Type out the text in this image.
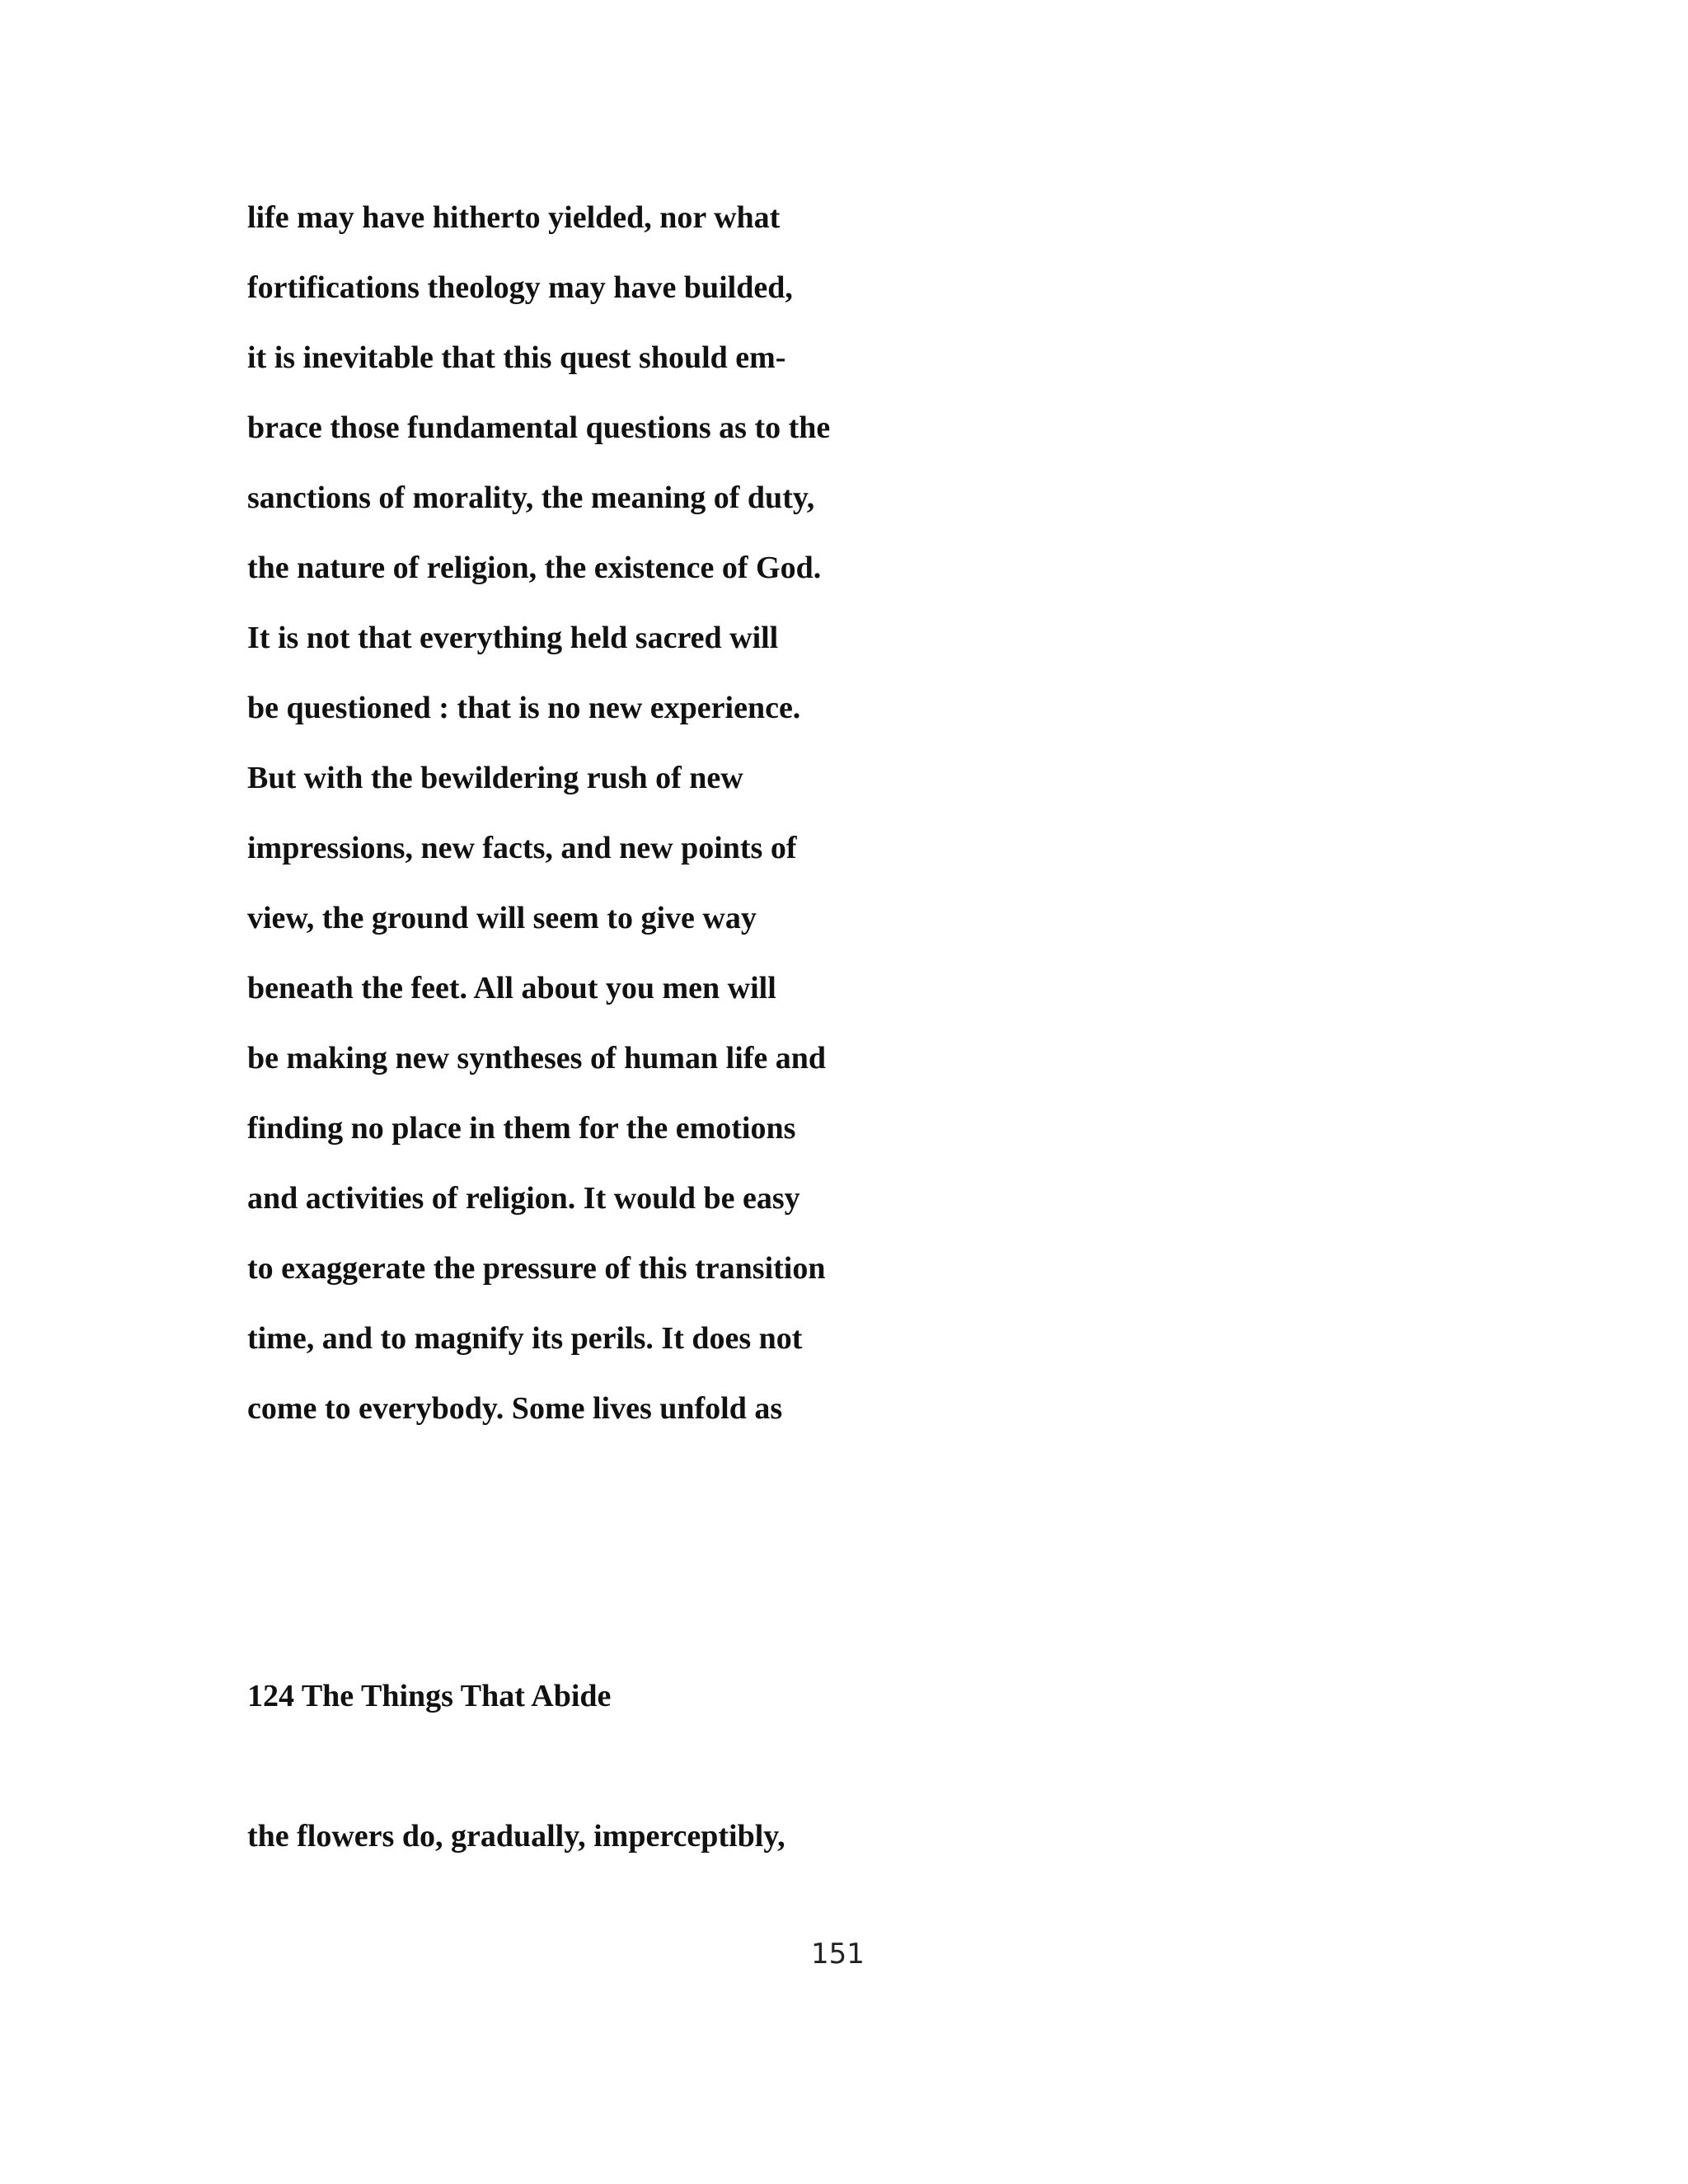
life may have hitherto yielded, nor what
fortifications theology may have builded,
it is inevitable that this quest should em-
brace those fundamental questions as to the
sanctions of morality, the meaning of duty,
the nature of religion, the existence of God.
It is not that everything held sacred will
be questioned : that is no new experience.
But with the bewildering rush of new
impressions, new facts, and new points of
view, the ground will seem to give way
beneath the feet. All about you men will
be making new syntheses of human life and
finding no place in them for the emotions
and activities of religion. It would be easy
to exaggerate the pressure of this transition
time, and to magnify its perils. It does not
come to everybody. Some lives unfold as
124 The Things That Abide
the flowers do, gradually, imperceptibly,
151
